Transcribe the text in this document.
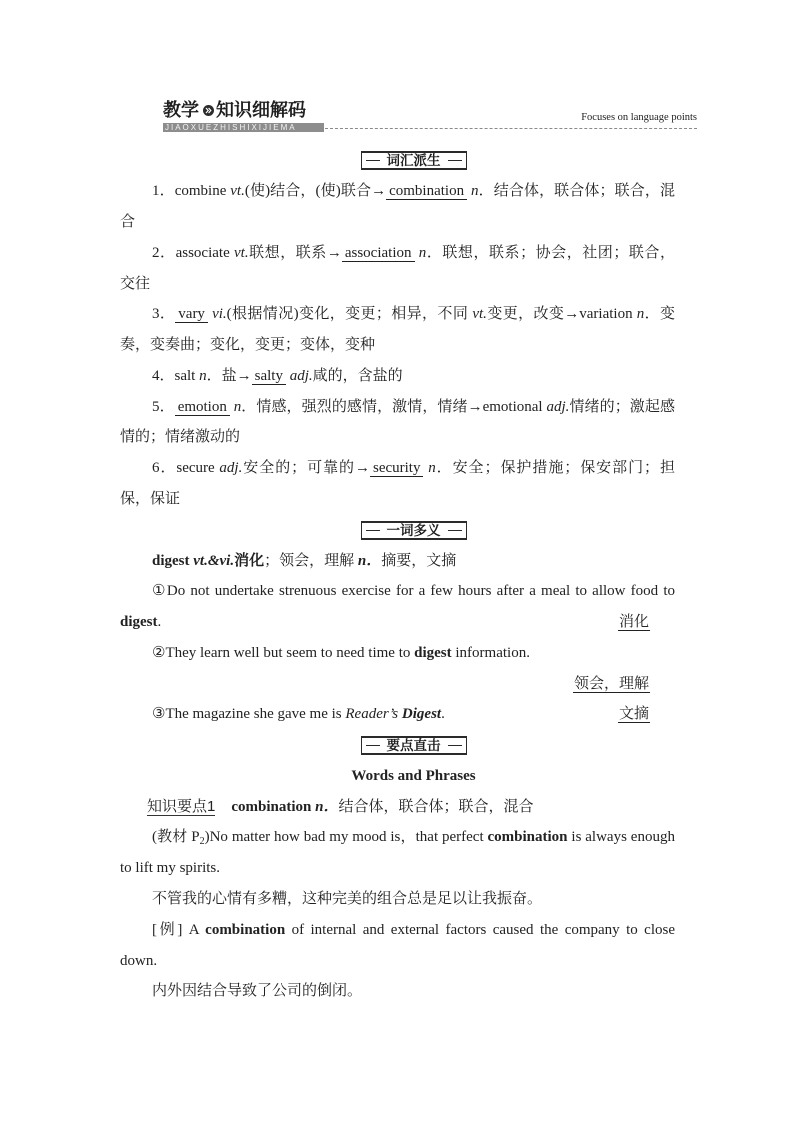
教学 知识细解码
JIAOXUEZHISHIXIJIEMA
Focuses on language points
词汇派生

1．combine vt.(使)结合，(使)联合→ combination n．结合体，联合体；联合，混合

2．associate vt.联想，联系→ association n．联想，联系；协会，社团；联合，交往

3． vary vi.(根据情况)变化，变更；相异，不同 vt.变更，改变→variation n．变奏，变奏曲；变化，变更；变体，变种

4．salt n．盐→ salty adj.咸的，含盐的

5． emotion n．情感，强烈的感情，激情，情绪→emotional adj.情绪的；激起感情的；情绪激动的

6．secure adj.安全的；可靠的→ security n．安全；保护措施；保安部门；担保，保证

一词多义

digest vt.&vi.消化；领会，理解 n．摘要，文摘

①Do not undertake strenuous exercise for a few hours after a meal to allow food to digest.	消化

②They learn well but seem to need time to digest information.

领会，理解

③The magazine she gave me is Reader’s Digest.	文摘

要点直击

Words and Phrases

知识要点1 combination n．结合体，联合体；联合，混合

(教材 $P_2)No$ matter how bad my mood is，that perfect combination is always enough to lift my spirits.

不管我的心情有多糟，这种完美的组合总是足以让我振奋。

[例] A combination of internal and external factors caused the company to close down.

内外因结合导致了公司的倒闭。
